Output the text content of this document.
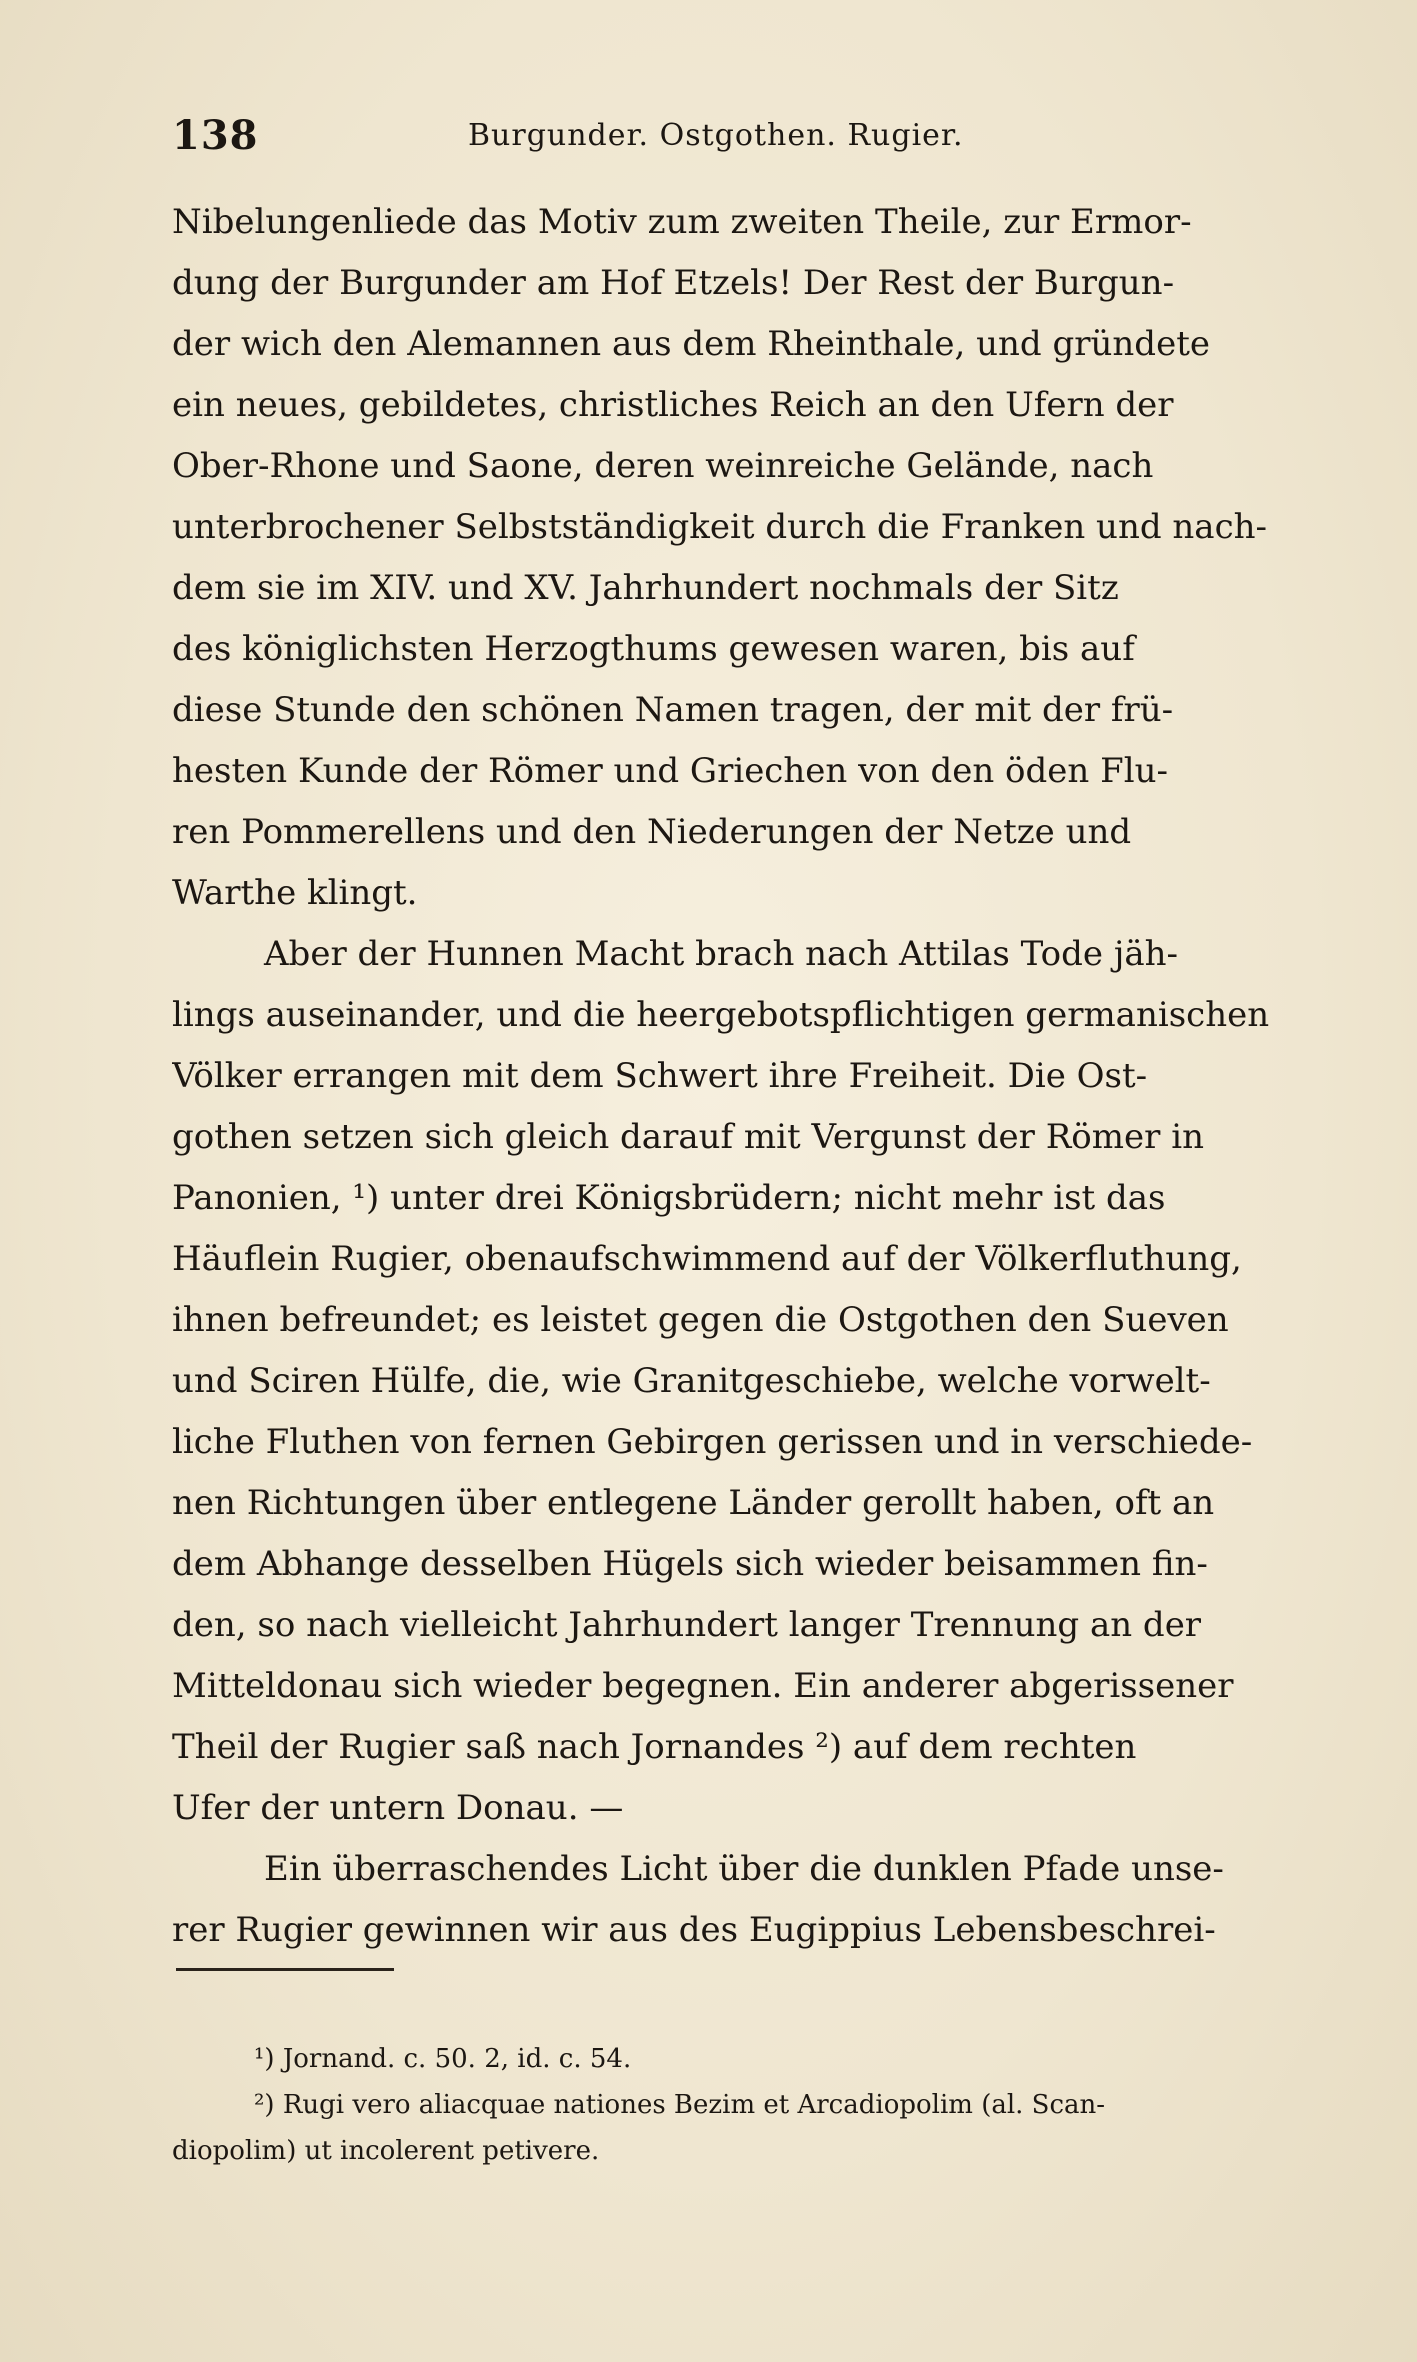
138	Burgunder. Ostgothen. Rugier.
Nibelungenliede das Motiv zum zweiten Theile, zur Ermor-
dung der Burgunder am Hof Etzels! Der Rest der Burgun-
der wich den Alemannen aus dem Rheinthale, und gründete
ein neues, gebildetes, christliches Reich an den Ufern der
Ober-Rhone und Saone, deren weinreiche Gelände, nach
unterbrochener Selbstständigkeit durch die Franken und nach-
dem sie im XIV. und XV. Jahrhundert nochmals der Sitz
des königlichsten Herzogthums gewesen waren, bis auf
diese Stunde den schönen Namen tragen, der mit der frü-
hesten Kunde der Römer und Griechen von den öden Flu-
ren Pommerellens und den Niederungen der Netze und
Warthe klingt.
Aber der Hunnen Macht brach nach Attilas Tode jäh-
lings auseinander, und die heergebotspflichtigen germanischen
Völker errangen mit dem Schwert ihre Freiheit. Die Ost-
gothen setzen sich gleich darauf mit Vergunst der Römer in
Panonien, ¹) unter drei Königsbrüdern; nicht mehr ist das
Häuflein Rugier, obenaufschwimmend auf der Völkerfluthung,
ihnen befreundet; es leistet gegen die Ostgothen den Sueven
und Sciren Hülfe, die, wie Granitgeschiebe, welche vorwelt-
liche Fluthen von fernen Gebirgen gerissen und in verschiede-
nen Richtungen über entlegene Länder gerollt haben, oft an
dem Abhange desselben Hügels sich wieder beisammen fin-
den, so nach vielleicht Jahrhundert langer Trennung an der
Mitteldonau sich wieder begegnen. Ein anderer abgerissener
Theil der Rugier saß nach Jornandes ²) auf dem rechten
Ufer der untern Donau. —
Ein überraschendes Licht über die dunklen Pfade unse-
rer Rugier gewinnen wir aus des Eugippius Lebensbeschrei-
¹) Jornand. c. 50. 2, id. c. 54.
²) Rugi vero aliacquae nationes Bezim et Arcadiopolim (al. Scan-
diopolim) ut incolerent petivere.
